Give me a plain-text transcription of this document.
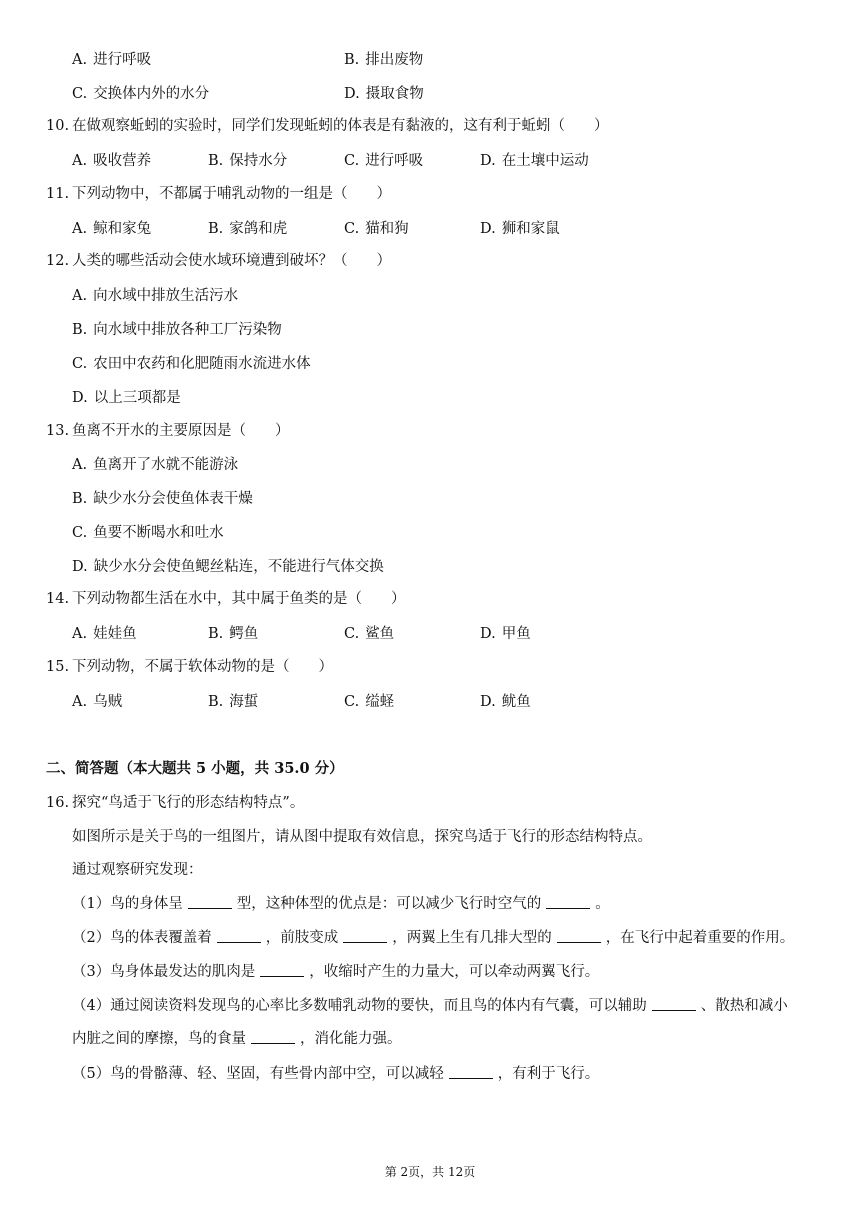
A. 进行呼吸	B. 排出废物
C. 交换体内外的水分	D. 摄取食物
10. 在做观察蚯蚓的实验时，同学们发现蚯蚓的体表是有黏液的，这有利于蚯蚓（　　）
A. 吸收营养	B. 保持水分	C. 进行呼吸	D. 在土壤中运动
11. 下列动物中，不都属于哺乳动物的一组是（　　）
A. 鲸和家兔	B. 家鸽和虎	C. 猫和狗	D. 狮和家鼠
12. 人类的哪些活动会使水域环境遭到破坏？（　　）
A. 向水域中排放生活污水
B. 向水域中排放各种工厂污染物
C. 农田中农药和化肥随雨水流进水体
D. 以上三项都是
13. 鱼离不开水的主要原因是（　　）
A. 鱼离开了水就不能游泳
B. 缺少水分会使鱼体表干燥
C. 鱼要不断喝水和吐水
D. 缺少水分会使鱼鳃丝粘连，不能进行气体交换
14. 下列动物都生活在水中，其中属于鱼类的是（　　）
A. 娃娃鱼	B. 鳄鱼	C. 鲨鱼	D. 甲鱼
15. 下列动物，不属于软体动物的是（　　）
A. 乌贼	B. 海蜇	C. 缢蛏	D. 鱿鱼
二、简答题（本大题共 5 小题，共 35.0 分）
16. 探究“鸟适于飞行的形态结构特点”。
如图所示是关于鸟的一组图片，请从图中提取有效信息，探究鸟适于飞行的形态结构特点。
通过观察研究发现：
（1）鸟的身体呈	型，这种体型的优点是：可以减少飞行时空气的	。
（2）鸟的体表覆盖着	，前肢变成	，两翼上生有几排大型的	，在飞行中起着重要的作用。
（3）鸟身体最发达的肌肉是	，收缩时产生的力量大，可以牵动两翼飞行。
（4）通过阅读资料发现鸟的心率比多数哺乳动物的要快，而且鸟的体内有气囊，可以辅助	、散热和减小
内脏之间的摩擦，鸟的食量	，消化能力强。
（5）鸟的骨骼薄、轻、坚固，有些骨内部中空，可以减轻	，有利于飞行。
第 2页，共 12页
